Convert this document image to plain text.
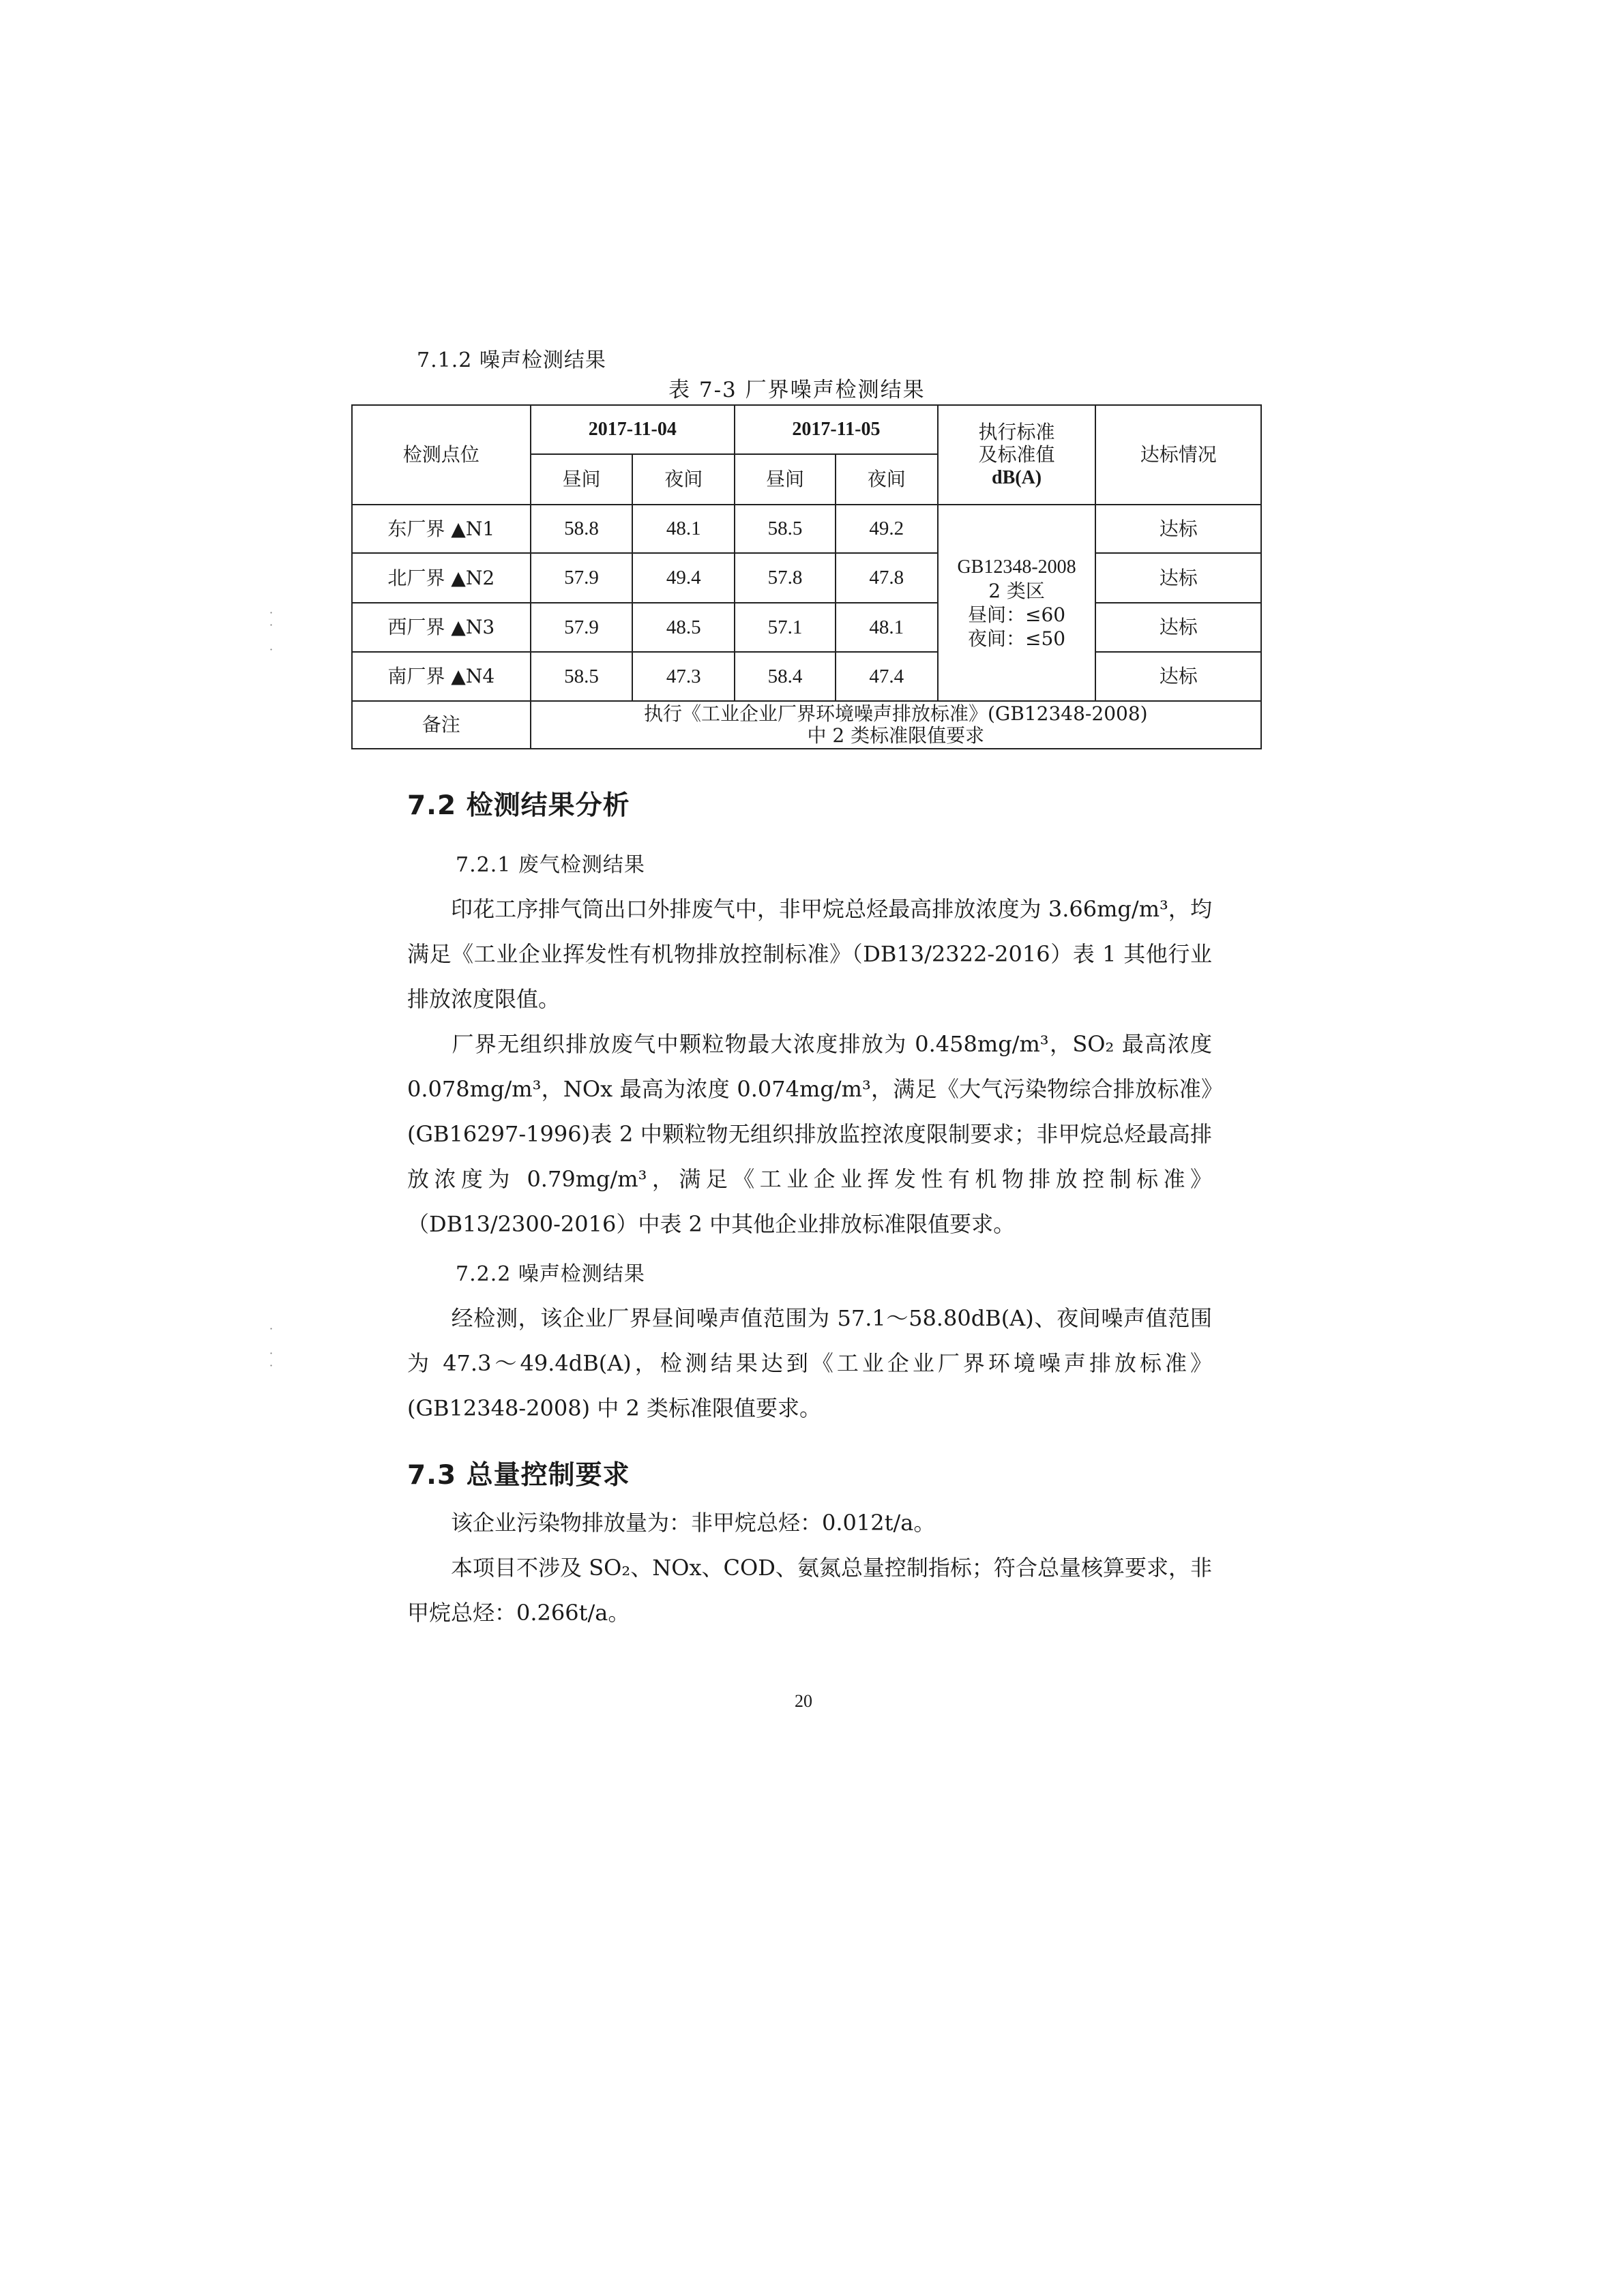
7.1.2 噪声检测结果
表 7-3 厂界噪声检测结果
检测点位	2017-11-04		2017-11-05		执行标准
及标准值
dB(A)	达标情况
	昼间	夜间	昼间	夜间		
东厂界 ▲N1	58.8	48.1	58.5	49.2	GB12348-2008
2 类区
昼间：≤60
夜间：≤50	达标
北厂界 ▲N2	57.9	49.4	57.8	47.8		达标
西厂界 ▲N3	57.9	48.5	57.1	48.1		达标
南厂界 ▲N4	58.5	47.3	58.4	47.4		达标
备注	执行《工业企业厂界环境噪声排放标准》(GB12348-2008)
中 2 类标准限值要求					
7.2 检测结果分析
7.2.1 废气检测结果
印花工序排气筒出口外排废气中，非甲烷总烃最高排放浓度为 3.66mg/m³，均满足《工业企业挥发性有机物排放控制标准》（DB13/2322-2016）表 1 其他行业排放浓度限值。
厂界无组织排放废气中颗粒物最大浓度排放为 0.458mg/m³，SO₂ 最高浓度 0.078mg/m³，NOx 最高为浓度 0.074mg/m³，满足《大气污染物综合排放标准》(GB16297-1996)表 2 中颗粒物无组织排放监控浓度限制要求；非甲烷总烃最高排放浓度为 0.79mg/m³，满足《工业企业挥发性有机物排放控制标准》（DB13/2300-2016）中表 2 中其他企业排放标准限值要求。
7.2.2 噪声检测结果
经检测，该企业厂界昼间噪声值范围为 57.1～58.80dB(A)、夜间噪声值范围为 47.3～49.4dB(A)，检测结果达到《工业企业厂界环境噪声排放标准》(GB12348-2008) 中 2 类标准限值要求。
7.3 总量控制要求
该企业污染物排放量为：非甲烷总烃：0.012t/a。
本项目不涉及 SO₂、NOx、COD、氨氮总量控制指标；符合总量核算要求，非甲烷总烃：0.266t/a。
20
·
·

·
·

·
·
